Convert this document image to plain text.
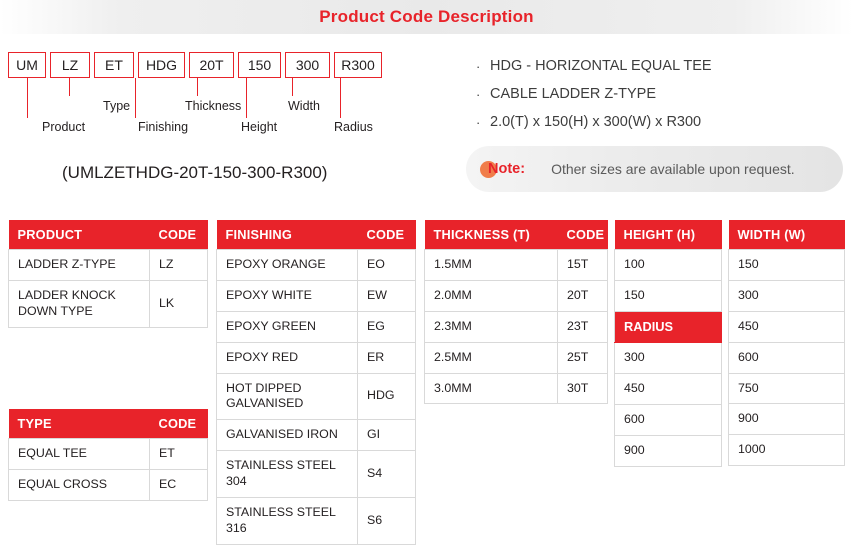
Product Code Description
UM	LZ	ET	HDG	20T	150	300	R300
Product
Type
Finishing
Thickness
Height
Width
Radius
(UMLZETHDG-20T-150-300-R300)
· HDG - HORIZONTAL EQUAL TEE
· CABLE LADDER Z-TYPE
· 2.0(T) x 150(H) x 300(W) x R300
Note: Other sizes are available upon request.
PRODUCT	CODE
LADDER Z-TYPE	LZ
LADDER KNOCK DOWN TYPE	LK
TYPE	CODE
EQUAL TEE	ET
EQUAL CROSS	EC
FINISHING	CODE
EPOXY ORANGE	EO
EPOXY WHITE	EW
EPOXY GREEN	EG
EPOXY RED	ER
HOT DIPPED GALVANISED	HDG
GALVANISED IRON	GI
STAINLESS STEEL 304	S4
STAINLESS STEEL 316	S6
THICKNESS (T)	CODE
1.5MM	15T
2.0MM	20T
2.3MM	23T
2.5MM	25T
3.0MM	30T
HEIGHT (H)
100
150
RADIUS
300
450
600
900
WIDTH (W)
150
300
450
600
750
900
1000
